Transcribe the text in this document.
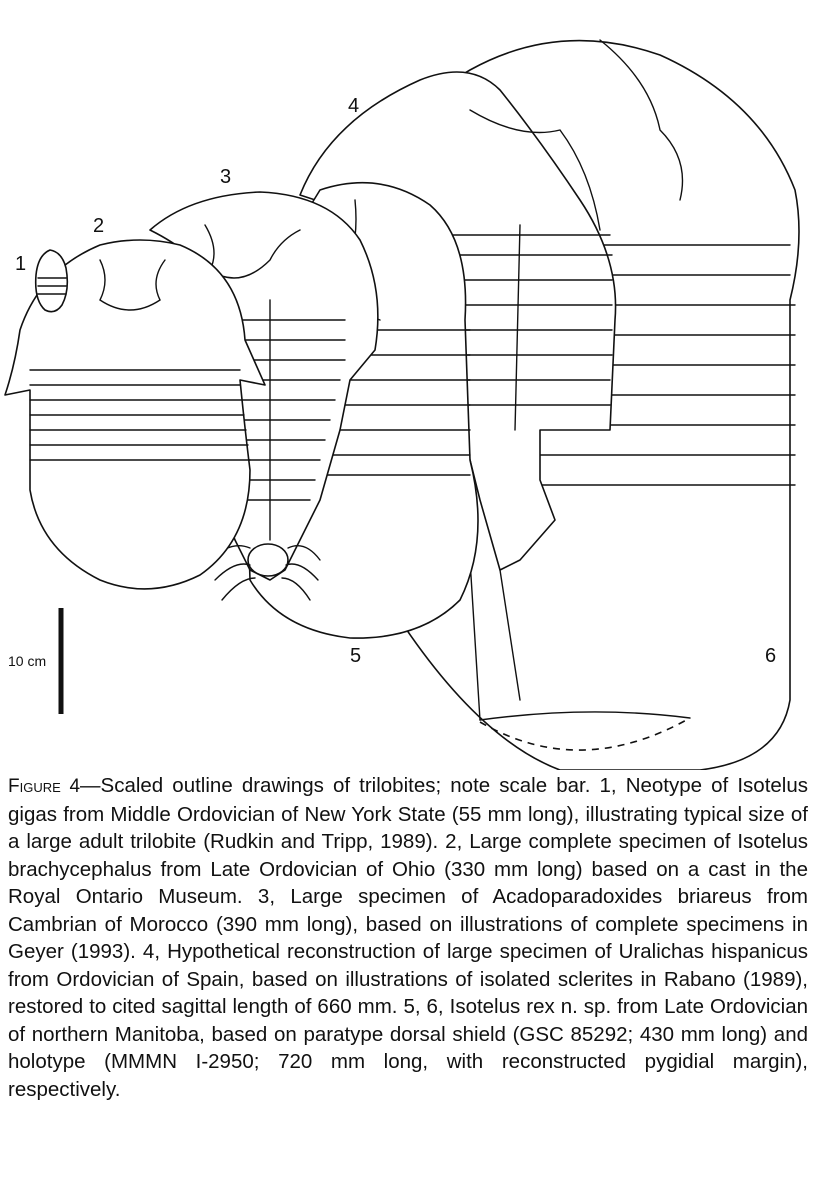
1
2
3
4
5	6
10 cm

Figure 4—Scaled outline drawings of trilobites; note scale bar. 1, Neotype of Isotelus gigas from Middle Ordovician of New York State (55 mm long), illustrating typical size of a large adult trilobite (Rudkin and Tripp, 1989). 2, Large complete specimen of Isotelus brachycephalus from Late Ordovician of Ohio (330 mm long) based on a cast in the Royal Ontario Museum. 3, Large specimen of Acadoparadoxides briareus from Cambrian of Morocco (390 mm long), based on illustrations of complete specimens in Geyer (1993). 4, Hypothetical reconstruction of large specimen of Uralichas hispanicus from Ordovician of Spain, based on illustrations of isolated sclerites in Rabano (1989), restored to cited sagittal length of 660 mm. 5, 6, Isotelus rex n. sp. from Late Ordovician of northern Manitoba, based on paratype dorsal shield (GSC 85292; 430 mm long) and holotype (MMMN I-2950; 720 mm long, with reconstructed pygidial margin), respectively.
